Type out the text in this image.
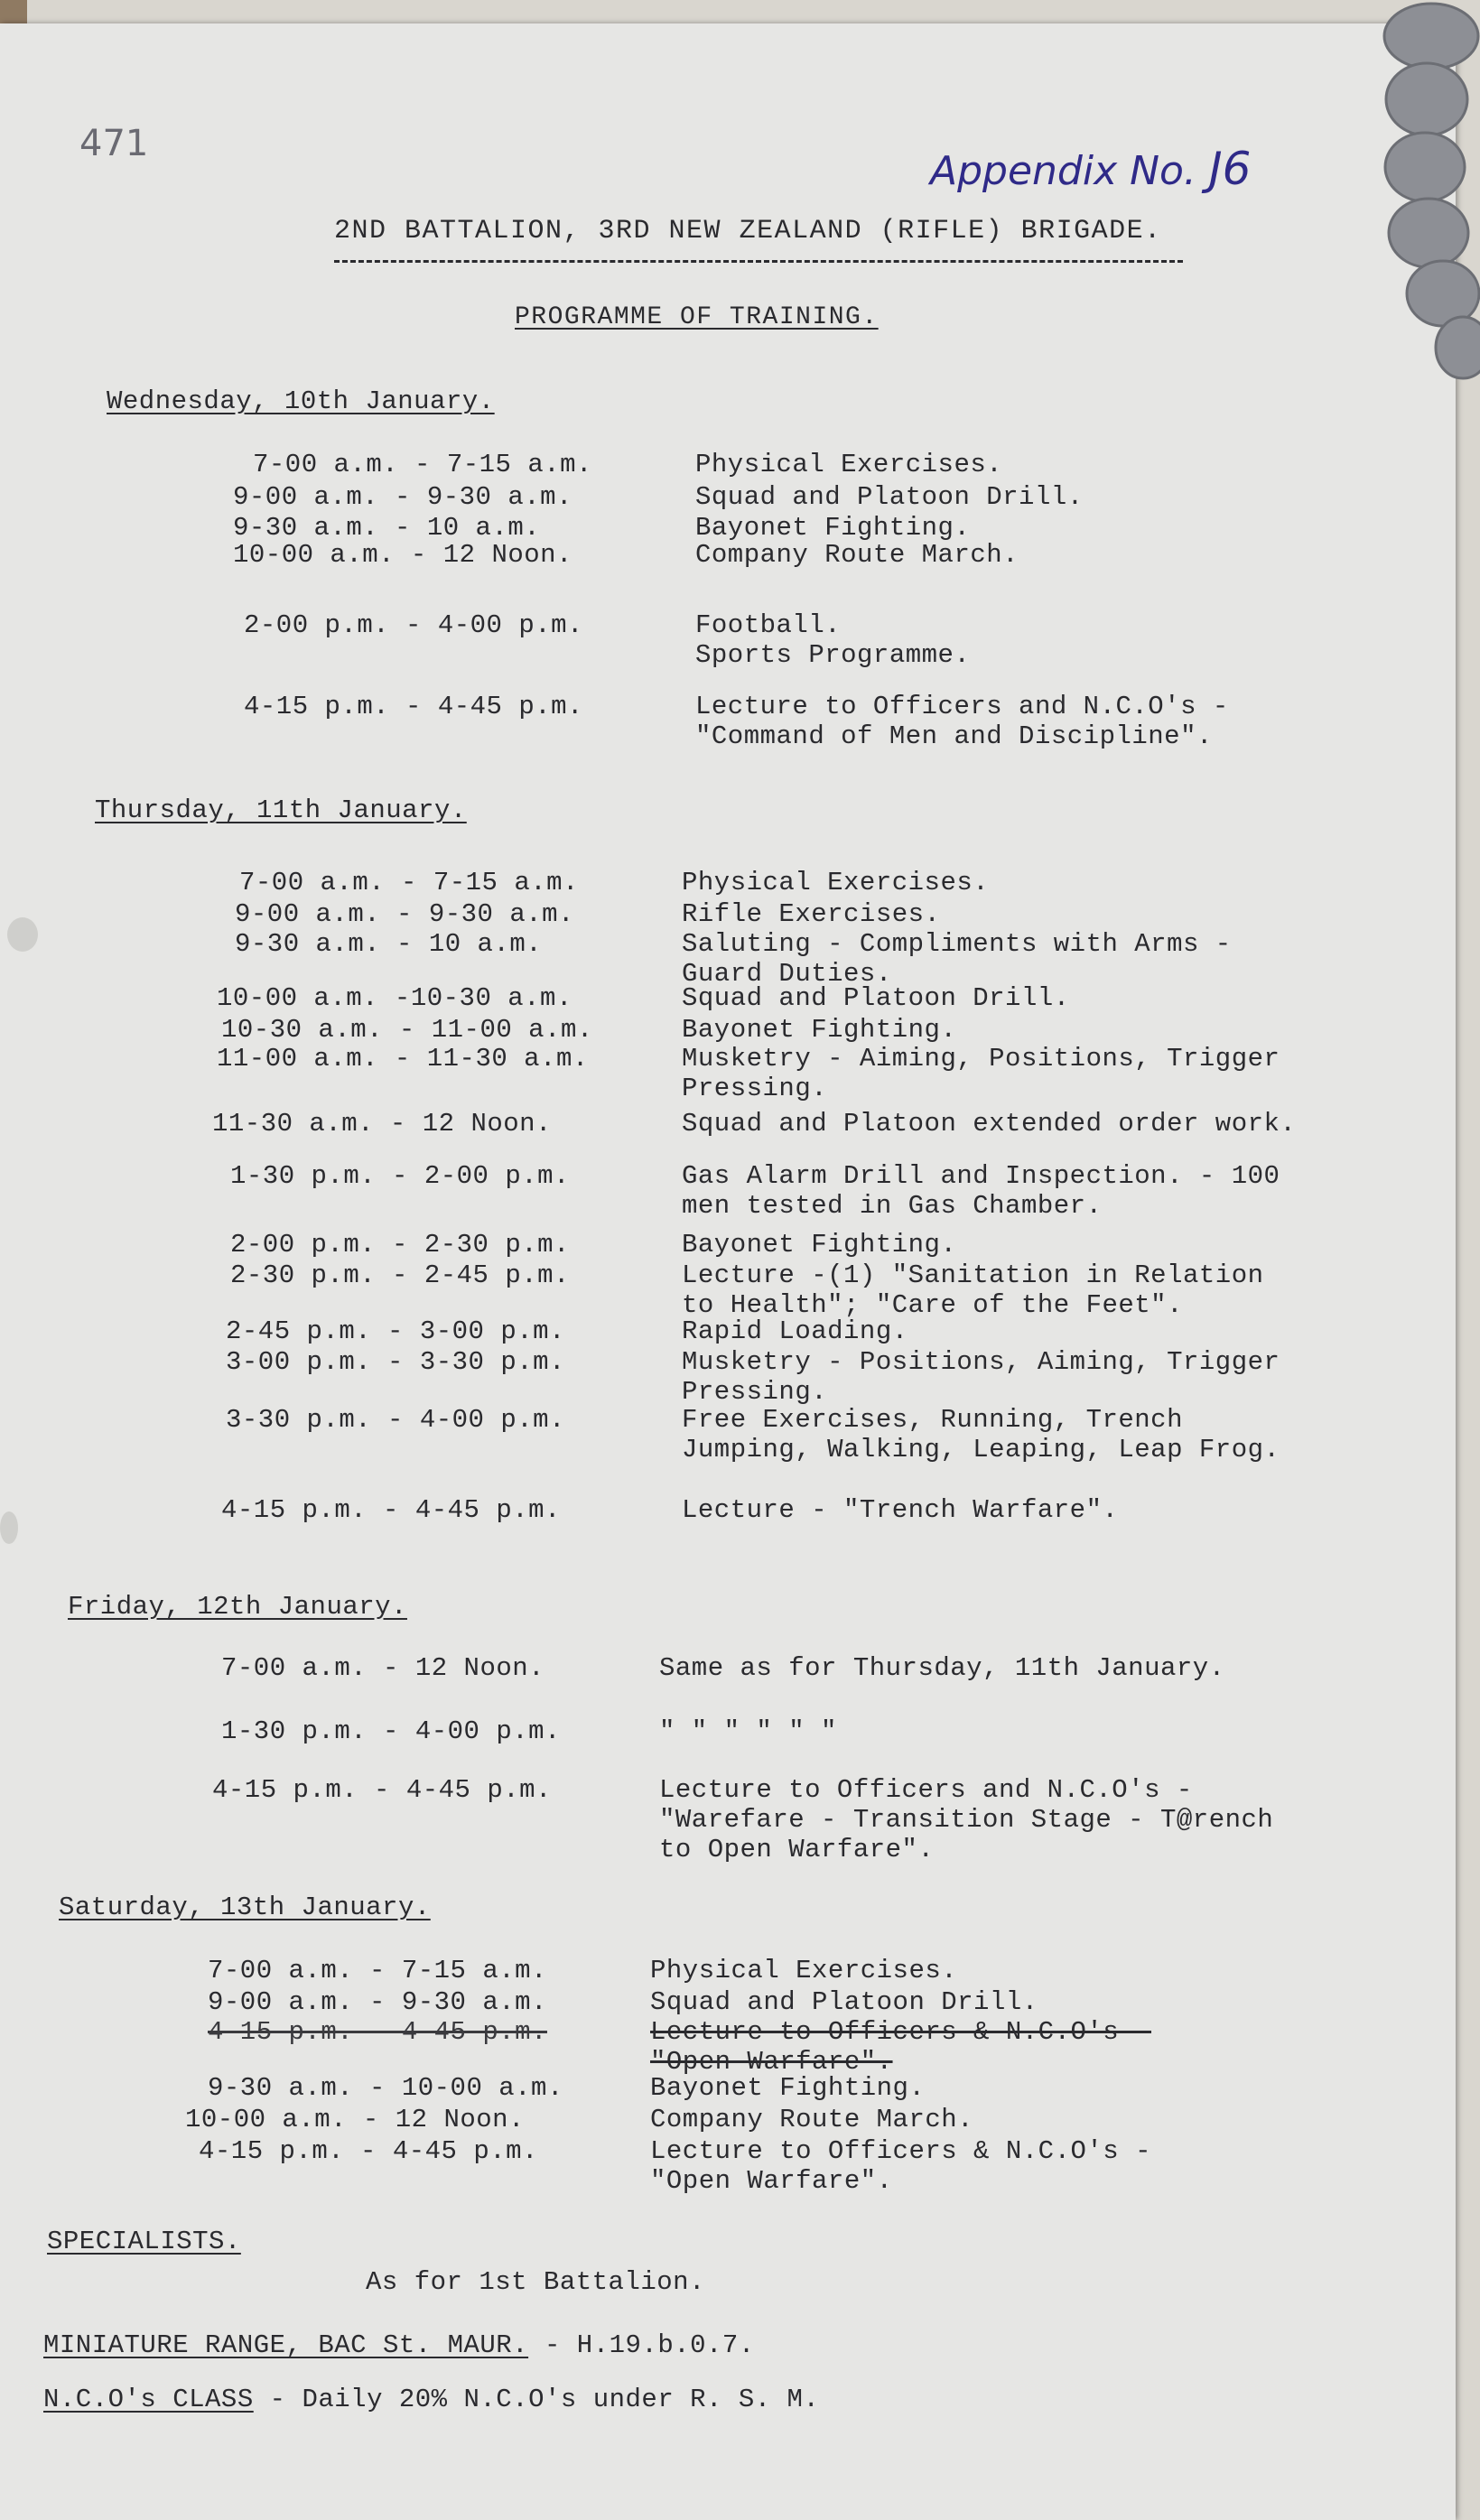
471
Appendix No. J6
2ND BATTALION, 3RD NEW ZEALAND (RIFLE) BRIGADE.
PROGRAMME OF TRAINING.
Wednesday, 10th January.
7-00 a.m. - 7-15 a.m.	Physical Exercises.
9-00 a.m. - 9-30 a.m.	Squad and Platoon Drill.
9-30 a.m. - 10 a.m.	Bayonet Fighting.
10-00 a.m. - 12 Noon.	Company Route March.
2-00 p.m. - 4-00 p.m.	Football.
Sports Programme.
4-15 p.m. - 4-45 p.m.	Lecture to Officers and N.C.O's -
"Command of Men and Discipline".
Thursday, 11th January.
7-00 a.m. - 7-15 a.m.	Physical Exercises.
9-00 a.m. - 9-30 a.m.	Rifle Exercises.
9-30 a.m. - 10 a.m.	Saluting - Compliments with Arms -
Guard Duties.
10-00 a.m. -10-30 a.m.	Squad and Platoon Drill.
10-30 a.m. - 11-00 a.m.	Bayonet Fighting.
11-00 a.m. - 11-30 a.m.	Musketry - Aiming, Positions, Trigger
Pressing.
11-30 a.m. - 12 Noon.	Squad and Platoon extended order work.
1-30 p.m. - 2-00 p.m.	Gas Alarm Drill and Inspection. - 100
men tested in Gas Chamber.
2-00 p.m. - 2-30 p.m.	Bayonet Fighting.
2-30 p.m. - 2-45 p.m.	Lecture -(1) "Sanitation in Relation
to Health"; "Care of the Feet".
2-45 p.m. - 3-00 p.m.	Rapid Loading.
3-00 p.m. - 3-30 p.m.	Musketry - Positions, Aiming, Trigger
Pressing.
3-30 p.m. - 4-00 p.m.	Free Exercises, Running, Trench
Jumping, Walking, Leaping, Leap Frog.
4-15 p.m. - 4-45 p.m.	Lecture - "Trench Warfare".
Friday, 12th January.
7-00 a.m. - 12 Noon.	Same as for Thursday, 11th January.
1-30 p.m. - 4-00 p.m.	" " " " " "
4-15 p.m. - 4-45 p.m.	Lecture to Officers and N.C.O's -
"Warefare - Transition Stage - T@rench
to Open Warfare".
Saturday, 13th January.
7-00 a.m. - 7-15 a.m.	Physical Exercises.
9-00 a.m. - 9-30 a.m.	Squad and Platoon Drill.
4-15 p.m. - 4-45 p.m.	Lecture to Officers & N.C.O's -
"Open Warfare".
9-30 a.m. - 10-00 a.m.	Bayonet Fighting.
10-00 a.m. - 12 Noon.	Company Route March.
4-15 p.m. - 4-45 p.m.	Lecture to Officers & N.C.O's -
"Open Warfare".
SPECIALISTS.
As for 1st Battalion.
MINIATURE RANGE, BAC St. MAUR. - H.19.b.0.7.
N.C.O's CLASS - Daily 20% N.C.O's under R. S. M.
